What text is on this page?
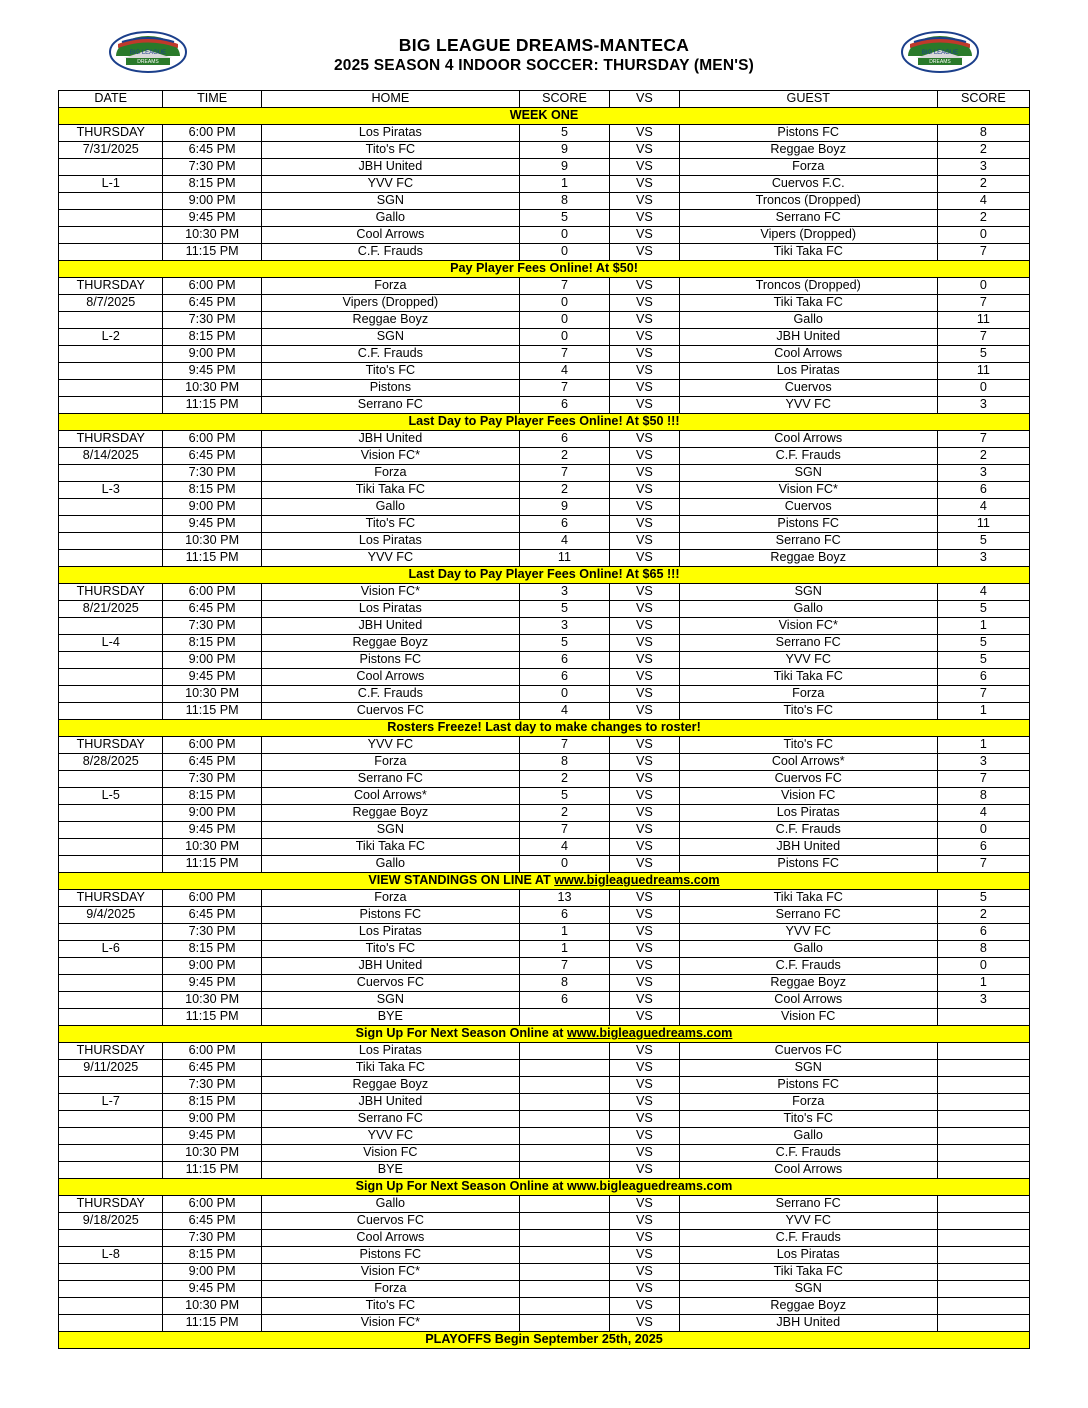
BIG LEAGUE
DREAMS
BIG LEAGUE DREAMS-MANTECA
2025 SEASON 4 INDOOR SOCCER: THURSDAY (MEN'S)
BIG LEAGUE
DREAMS
DATE	TIME	HOME	SCORE	VS	GUEST	SCORE
WEEK ONE						
THURSDAY	6:00 PM	Los Piratas	5	VS	Pistons FC	8
7/31/2025	6:45 PM	Tito's FC	9	VS	Reggae Boyz	2
	7:30 PM	JBH United	9	VS	Forza	3
L-1	8:15 PM	YVV FC	1	VS	Cuervos F.C.	2
	9:00 PM	SGN	8	VS	Troncos (Dropped)	4
	9:45 PM	Gallo	5	VS	Serrano FC	2
	10:30 PM	Cool Arrows	0	VS	Vipers (Dropped)	0
	11:15 PM	C.F. Frauds	0	VS	Tiki Taka FC	7
Pay Player Fees Online! At $50!						
THURSDAY	6:00 PM	Forza	7	VS	Troncos (Dropped)	0
8/7/2025	6:45 PM	Vipers (Dropped)	0	VS	Tiki Taka FC	7
	7:30 PM	Reggae Boyz	0	VS	Gallo	11
L-2	8:15 PM	SGN	0	VS	JBH United	7
	9:00 PM	C.F. Frauds	7	VS	Cool Arrows	5
	9:45 PM	Tito's FC	4	VS	Los Piratas	11
	10:30 PM	Pistons	7	VS	Cuervos	0
	11:15 PM	Serrano FC	6	VS	YVV FC	3
Last Day to Pay Player Fees Online! At $50 !!!						
THURSDAY	6:00 PM	JBH United	6	VS	Cool Arrows	7
8/14/2025	6:45 PM	Vision FC*	2	VS	C.F. Frauds	2
	7:30 PM	Forza	7	VS	SGN	3
L-3	8:15 PM	Tiki Taka FC	2	VS	Vision FC*	6
	9:00 PM	Gallo	9	VS	Cuervos	4
	9:45 PM	Tito's FC	6	VS	Pistons FC	11
	10:30 PM	Los Piratas	4	VS	Serrano FC	5
	11:15 PM	YVV FC	11	VS	Reggae Boyz	3
Last Day to Pay Player Fees Online! At $65 !!!						
THURSDAY	6:00 PM	Vision FC*	3	VS	SGN	4
8/21/2025	6:45 PM	Los Piratas	5	VS	Gallo	5
	7:30 PM	JBH United	3	VS	Vision FC*	1
L-4	8:15 PM	Reggae Boyz	5	VS	Serrano FC	5
	9:00 PM	Pistons FC	6	VS	YVV FC	5
	9:45 PM	Cool Arrows	6	VS	Tiki Taka FC	6
	10:30 PM	C.F. Frauds	0	VS	Forza	7
	11:15 PM	Cuervos FC	4	VS	Tito's FC	1
Rosters Freeze! Last day to make changes to roster!						
THURSDAY	6:00 PM	YVV FC	7	VS	Tito's FC	1
8/28/2025	6:45 PM	Forza	8	VS	Cool Arrows*	3
	7:30 PM	Serrano FC	2	VS	Cuervos FC	7
L-5	8:15 PM	Cool Arrows*	5	VS	Vision FC	8
	9:00 PM	Reggae Boyz	2	VS	Los Piratas	4
	9:45 PM	SGN	7	VS	C.F. Frauds	0
	10:30 PM	Tiki Taka FC	4	VS	JBH United	6
	11:15 PM	Gallo	0	VS	Pistons FC	7
VIEW STANDINGS ON LINE AT www.bigleaguedreams.com						
THURSDAY	6:00 PM	Forza	13	VS	Tiki Taka FC	5
9/4/2025	6:45 PM	Pistons FC	6	VS	Serrano FC	2
	7:30 PM	Los Piratas	1	VS	YVV FC	6
L-6	8:15 PM	Tito's FC	1	VS	Gallo	8
	9:00 PM	JBH United	7	VS	C.F. Frauds	0
	9:45 PM	Cuervos FC	8	VS	Reggae Boyz	1
	10:30 PM	SGN	6	VS	Cool Arrows	3
	11:15 PM	BYE		VS	Vision FC	
Sign Up For Next Season Online at www.bigleaguedreams.com						
THURSDAY	6:00 PM	Los Piratas		VS	Cuervos FC	
9/11/2025	6:45 PM	Tiki Taka FC		VS	SGN	
	7:30 PM	Reggae Boyz		VS	Pistons FC	
L-7	8:15 PM	JBH United		VS	Forza	
	9:00 PM	Serrano FC		VS	Tito's FC	
	9:45 PM	YVV FC		VS	Gallo	
	10:30 PM	Vision FC		VS	C.F. Frauds	
	11:15 PM	BYE		VS	Cool Arrows	
Sign Up For Next Season Online at www.bigleaguedreams.com						
THURSDAY	6:00 PM	Gallo		VS	Serrano FC	
9/18/2025	6:45 PM	Cuervos FC		VS	YVV FC	
	7:30 PM	Cool Arrows		VS	C.F. Frauds	
L-8	8:15 PM	Pistons FC		VS	Los Piratas	
	9:00 PM	Vision FC*		VS	Tiki Taka FC	
	9:45 PM	Forza		VS	SGN	
	10:30 PM	Tito's FC		VS	Reggae Boyz	
	11:15 PM	Vision FC*		VS	JBH United	
PLAYOFFS Begin September 25th, 2025						
